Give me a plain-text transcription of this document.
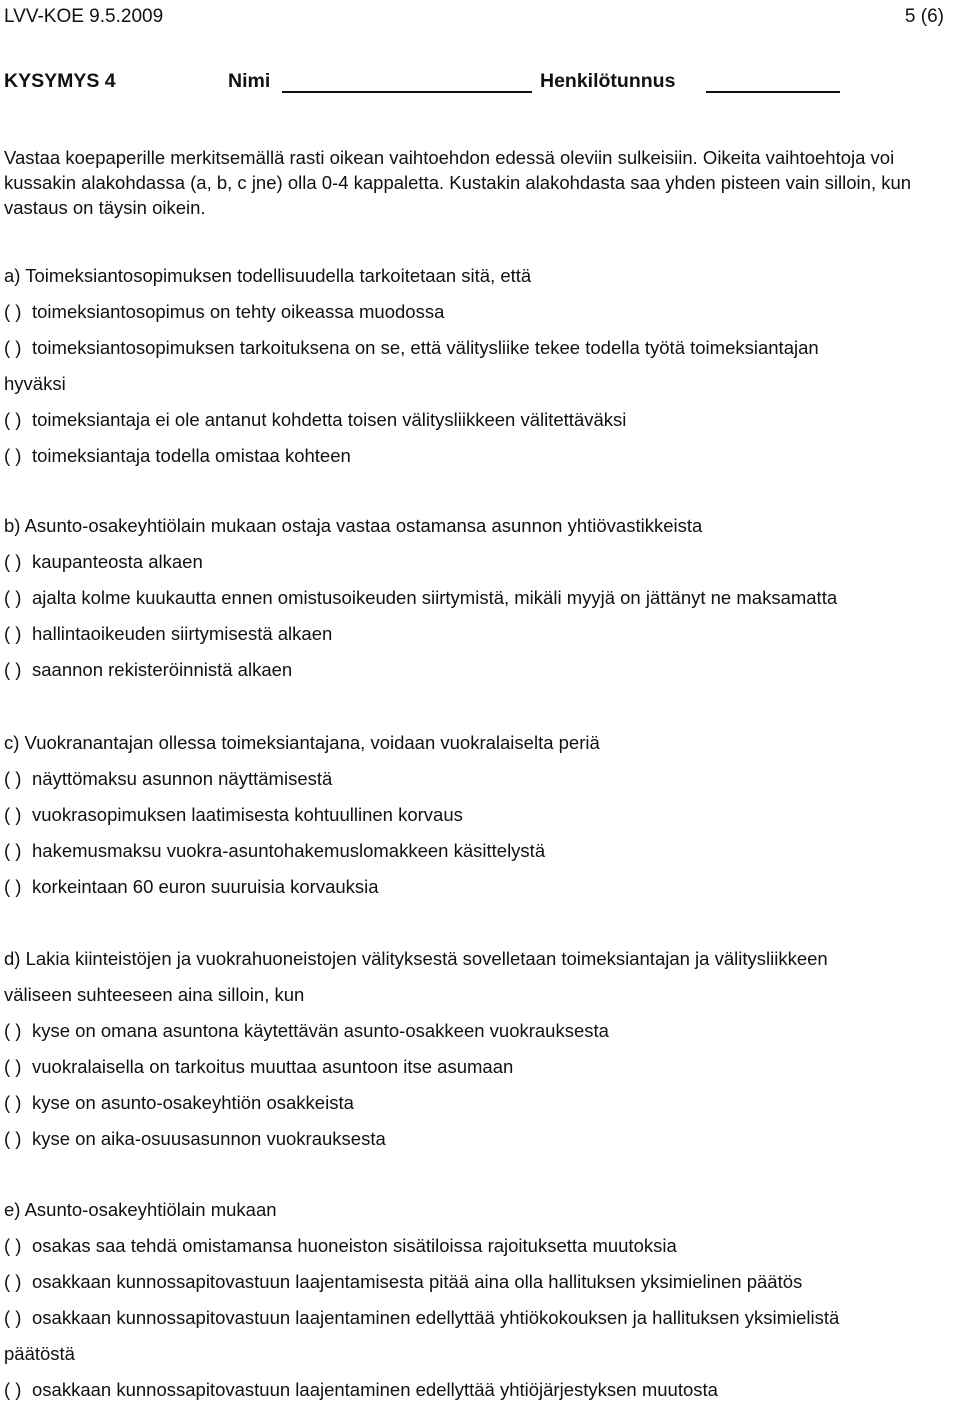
LVV-KOE 9.5.2009	5 (6)
KYSYMYS 4	Nimi	Henkilötunnus
Vastaa koepaperille merkitsemällä rasti oikean vaihtoehdon edessä oleviin sulkeisiin. Oikeita vaihtoehtoja voi kussakin alakohdassa (a, b, c jne) olla 0-4 kappaletta. Kustakin alakohdasta saa yhden pisteen vain silloin, kun vastaus on täysin oikein.
a) Toimeksiantosopimuksen todellisuudella tarkoitetaan sitä, että
( ) toimeksiantosopimus on tehty oikeassa muodossa
( ) toimeksiantosopimuksen tarkoituksena on se, että välitysliike tekee todella työtä toimeksiantajan
hyväksi
( ) toimeksiantaja ei ole antanut kohdetta toisen välitysliikkeen välitettäväksi
( ) toimeksiantaja todella omistaa kohteen
b) Asunto-osakeyhtiölain mukaan ostaja vastaa ostamansa asunnon yhtiövastikkeista
( ) kaupanteosta alkaen
( ) ajalta kolme kuukautta ennen omistusoikeuden siirtymistä, mikäli myyjä on jättänyt ne maksamatta
( ) hallintaoikeuden siirtymisestä alkaen
( ) saannon rekisteröinnistä alkaen
c) Vuokranantajan ollessa toimeksiantajana, voidaan vuokralaiselta periä
( ) näyttömaksu asunnon näyttämisestä
( ) vuokrasopimuksen laatimisesta kohtuullinen korvaus
( ) hakemusmaksu vuokra-asuntohakemuslomakkeen käsittelystä
( ) korkeintaan 60 euron suuruisia korvauksia
d) Lakia kiinteistöjen ja vuokrahuoneistojen välityksestä sovelletaan toimeksiantajan ja välitysliikkeen
väliseen suhteeseen aina silloin, kun
( ) kyse on omana asuntona käytettävän asunto-osakkeen vuokrauksesta
( ) vuokralaisella on tarkoitus muuttaa asuntoon itse asumaan
( ) kyse on asunto-osakeyhtiön osakkeista
( ) kyse on aika-osuusasunnon vuokrauksesta
e) Asunto-osakeyhtiölain mukaan
( ) osakas saa tehdä omistamansa huoneiston sisätiloissa rajoituksetta muutoksia
( ) osakkaan kunnossapitovastuun laajentamisesta pitää aina olla hallituksen yksimielinen päätös
( ) osakkaan kunnossapitovastuun laajentaminen edellyttää yhtiökokouksen ja hallituksen yksimielistä
päätöstä
( ) osakkaan kunnossapitovastuun laajentaminen edellyttää yhtiöjärjestyksen muutosta
